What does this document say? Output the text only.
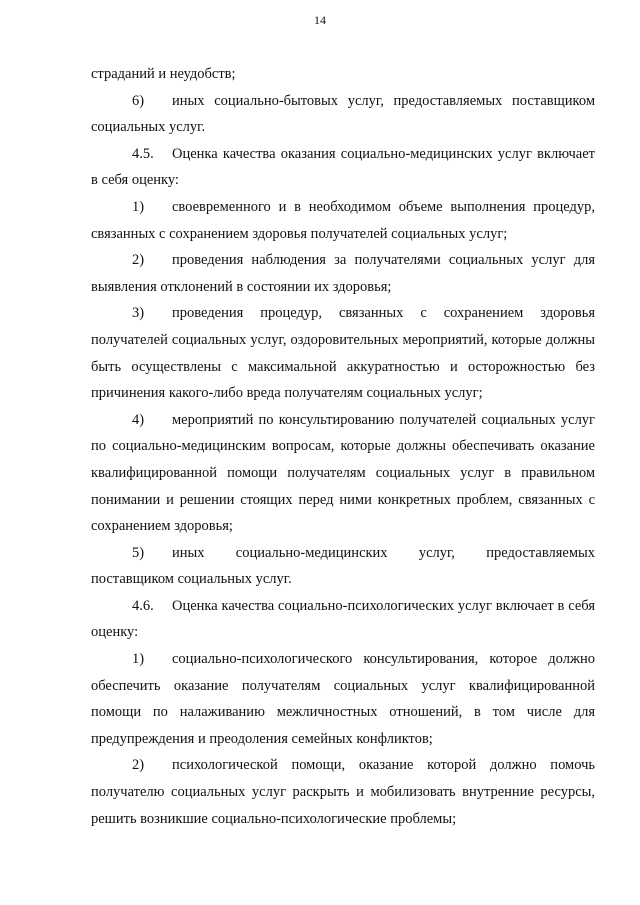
14

страданий и неудобств;

6) иных социально-бытовых услуг, предоставляемых поставщиком социальных услуг.

4.5. Оценка качества оказания социально-медицинских услуг включает в себя оценку:

1) своевременного и в необходимом объеме выполнения процедур, связанных с сохранением здоровья получателей социальных услуг;

2) проведения наблюдения за получателями социальных услуг для выявления отклонений в состоянии их здоровья;

3) проведения процедур, связанных с сохранением здоровья получателей социальных услуг, оздоровительных мероприятий, которые должны быть осуществлены с максимальной аккуратностью и осторожностью без причинения какого-либо вреда получателям социальных услуг;

4) мероприятий по консультированию получателей социальных услуг по социально-медицинским вопросам, которые должны обеспечивать оказание квалифицированной помощи получателям социальных услуг в правильном понимании и решении стоящих перед ними конкретных проблем, связанных с сохранением здоровья;

5) иных социально-медицинских услуг, предоставляемых поставщиком социальных услуг.

4.6. Оценка качества социально-психологических услуг включает в себя оценку:

1) социально-психологического консультирования, которое должно обеспечить оказание получателям социальных услуг квалифицированной помощи по налаживанию межличностных отношений, в том числе для предупреждения и преодоления семейных конфликтов;

2) психологической помощи, оказание которой должно помочь получателю социальных услуг раскрыть и мобилизовать внутренние ресурсы, решить возникшие социально-психологические проблемы;
